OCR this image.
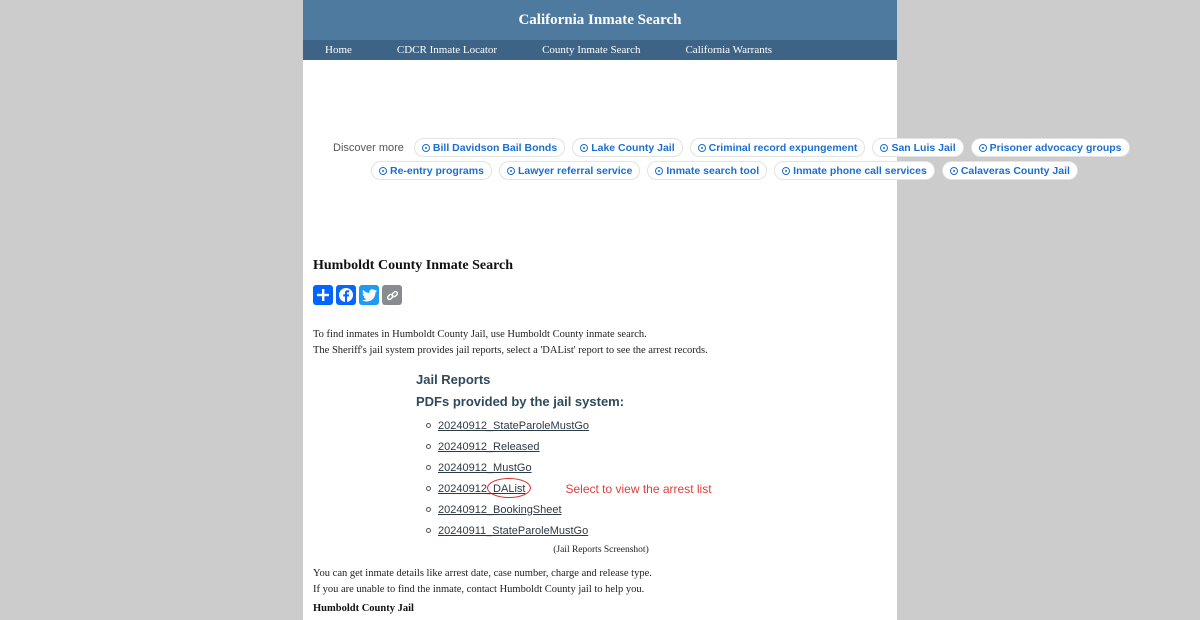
California Inmate Search
Home	CDCR Inmate Locator	County Inmate Search	California Warrants
Humboldt County Inmate Search
To find inmates in Humboldt County Jail, use Humboldt County inmate search.
The Sheriff's jail system provides jail reports, select a 'DAList' report to see the arrest records.
Jail Reports
PDFs provided by the jail system:
20240912_StateParoleMustGo
20240912_Released
20240912_MustGo
20240912_DAList	Select to view the arrest list
20240912_BookingSheet
20240911_StateParoleMustGo
(Jail Reports Screenshot)
You can get inmate details like arrest date, case number, charge and release type.
If you are unable to find the inmate, contact Humboldt County jail to help you.
Humboldt County Jail
Discover more	Bill Davidson Bail Bonds	Lake County Jail	Criminal record expungement	San Luis Jail	Prisoner advocacy groups
Re-entry programs	Lawyer referral service	Inmate search tool	Inmate phone call services	Calaveras County Jail
